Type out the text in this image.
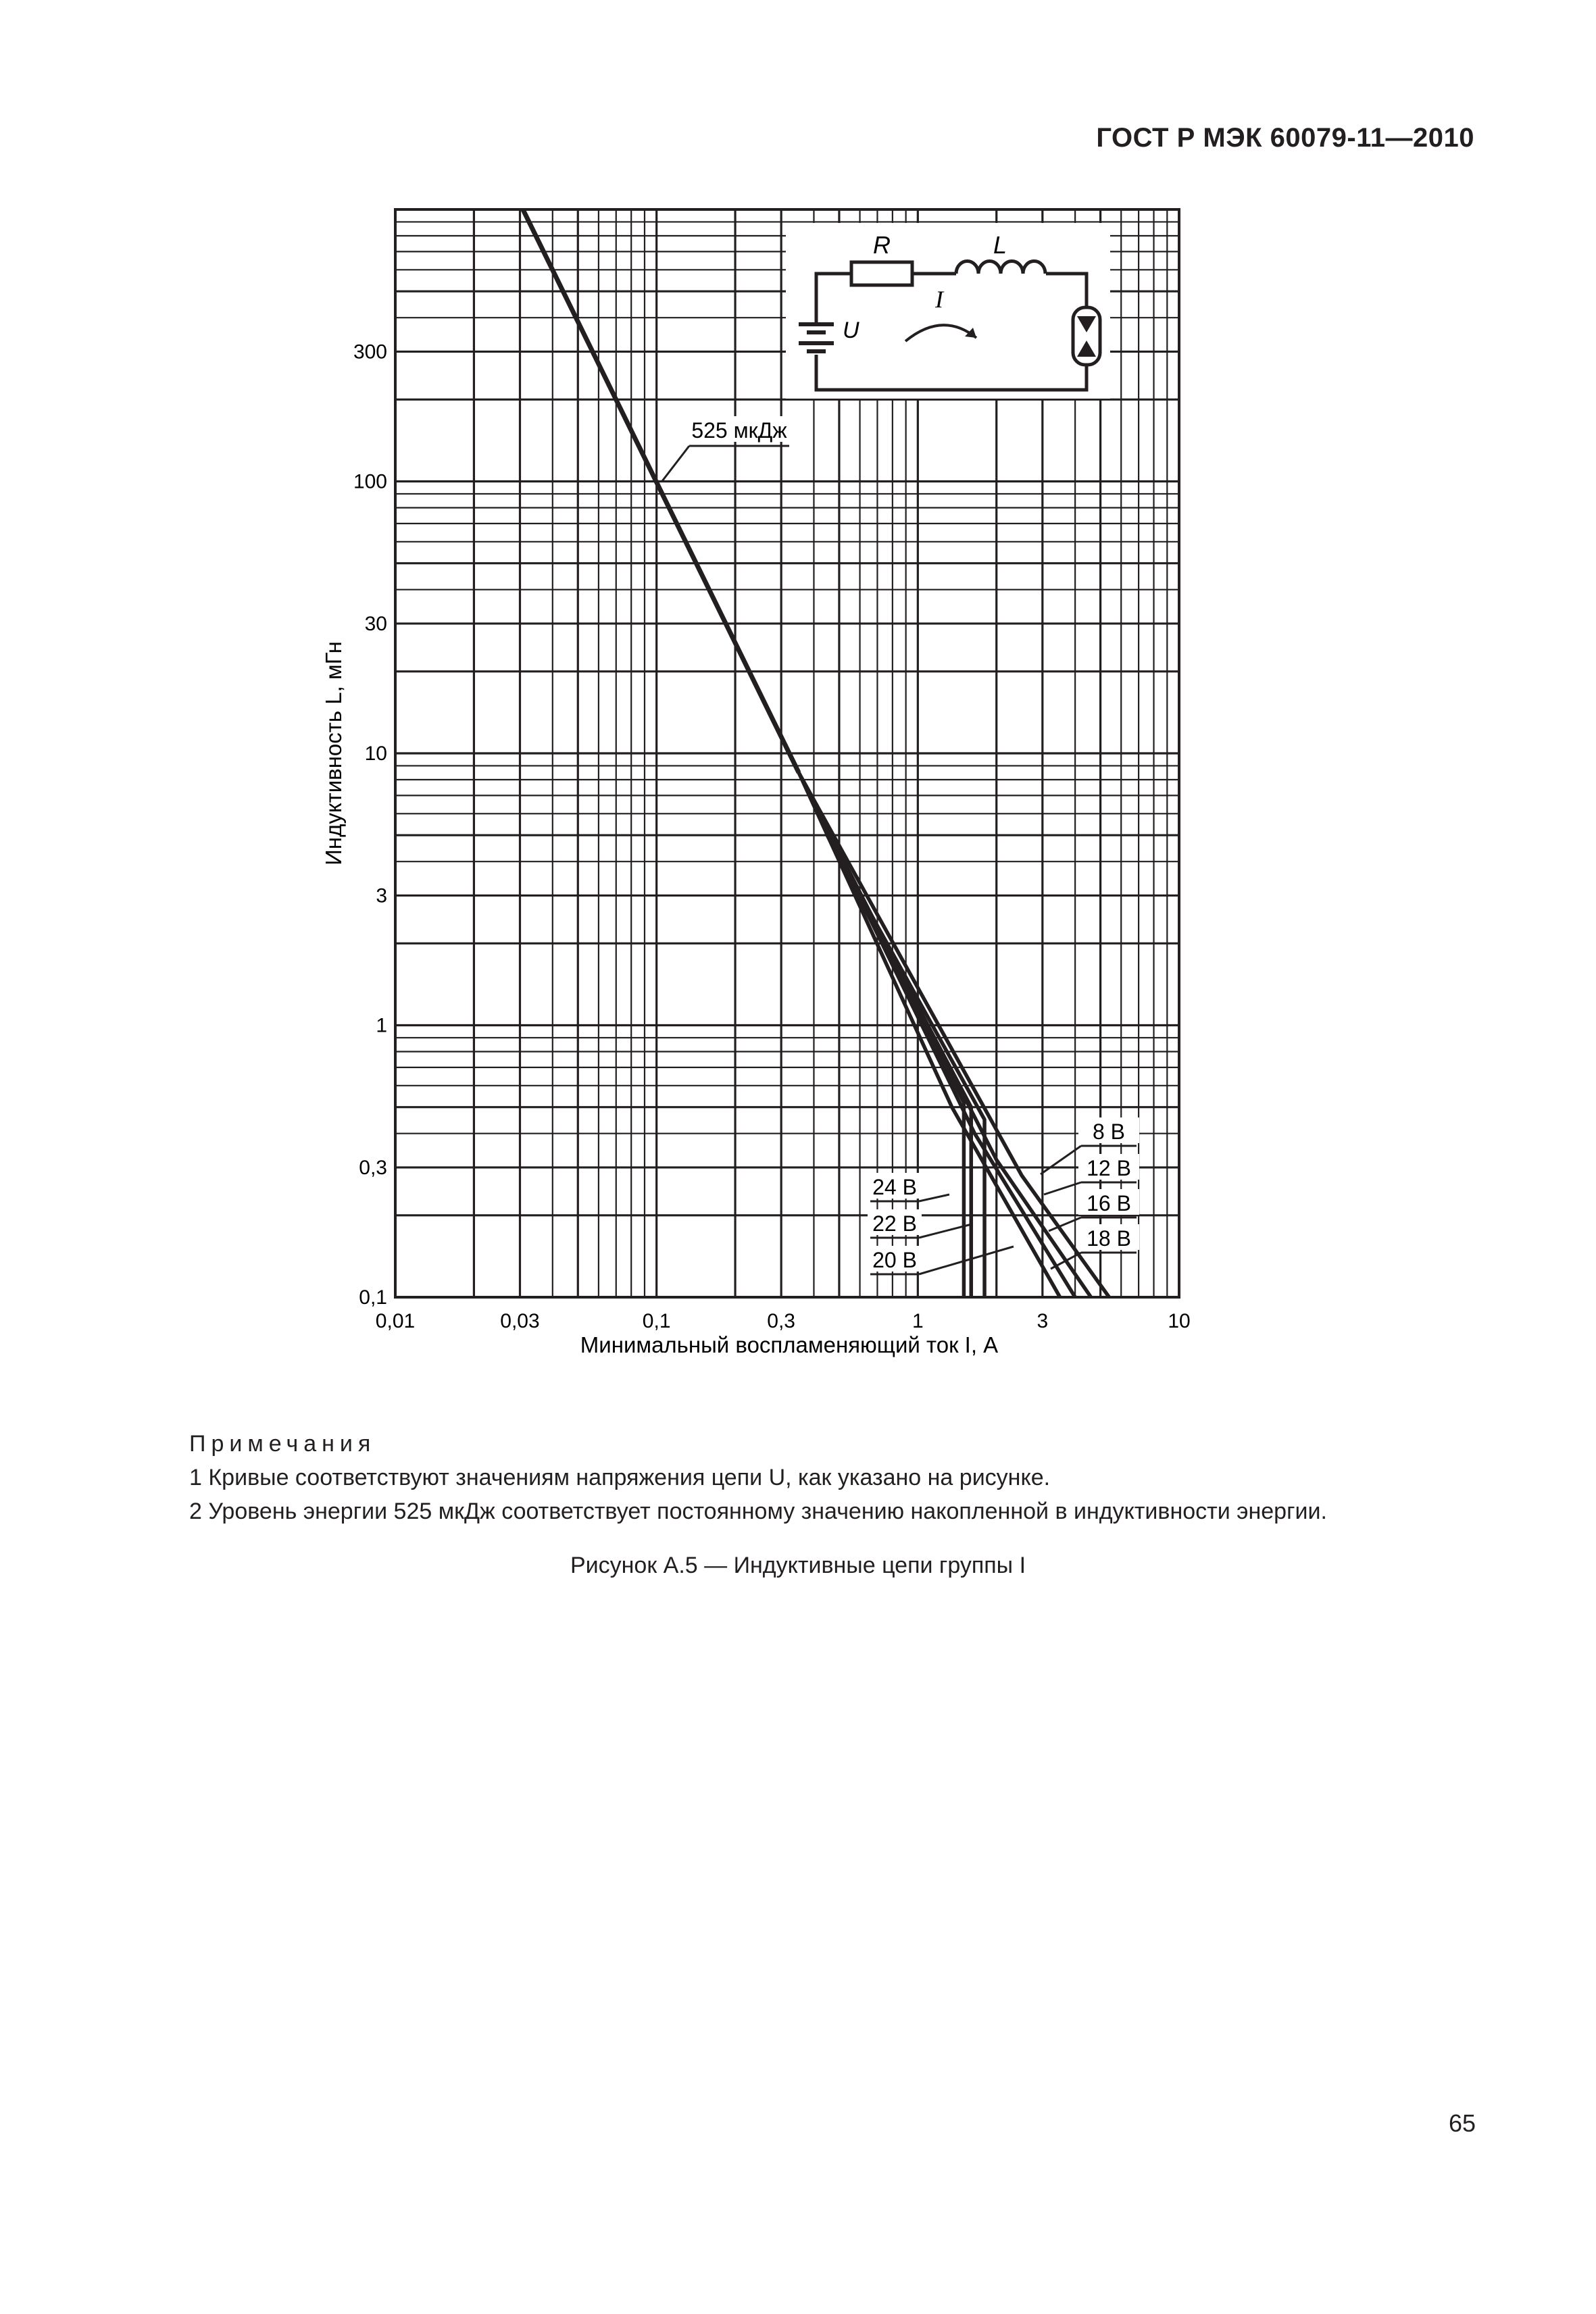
ГОСТ Р МЭК 60079-11—2010
0,01	0,03	0,1	0,3	1	3	10
0,1
0,3
1
3
10
30
100
300
525 мкДж
8 В
12 В
16 В
18 В
20 В
22 В
24 В
R	L
U
I
Минимальный воспламеняющий ток I, А
Индуктивность L, мГн
Примечания
1 Кривые соответствуют значениям напряжения цепи U, как указано на рисунке.
2 Уровень энергии 525 мкДж соответствует постоянному значению накопленной в индуктивности энергии.
Рисунок А.5 — Индуктивные цепи группы I
65
